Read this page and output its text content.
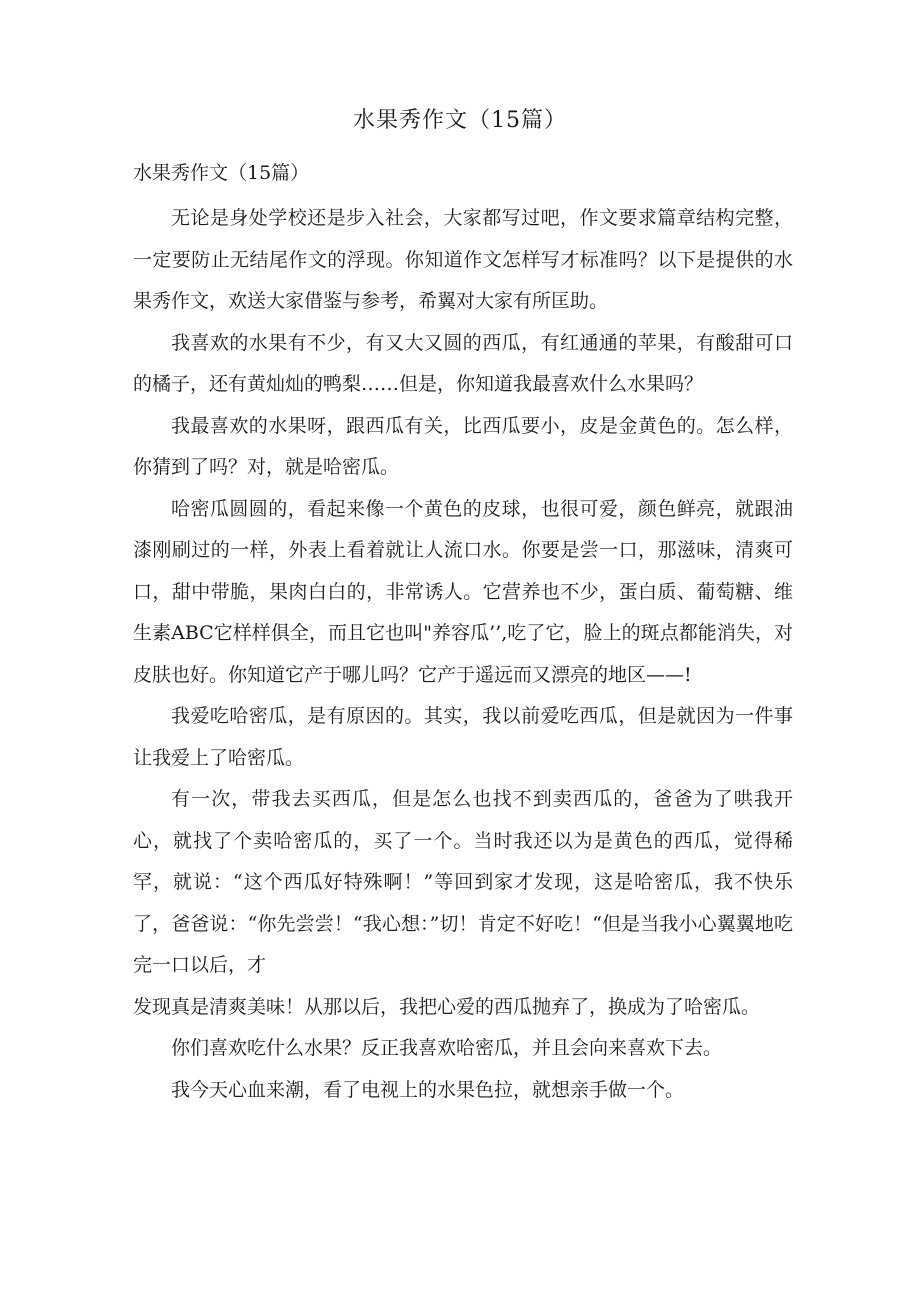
水果秀作文（15篇）
水果秀作文（15篇）

无论是身处学校还是步入社会，大家都写过吧，作文要求篇章结构完整，一定要防止无结尾作文的浮现。你知道作文怎样写才标准吗？以下是提供的水果秀作文，欢送大家借鉴与参考，希翼对大家有所匡助。

我喜欢的水果有不少，有又大又圆的西瓜，有红通通的苹果，有酸甜可口的橘子，还有黄灿灿的鸭梨……但是，你知道我最喜欢什么水果吗？

我最喜欢的水果呀，跟西瓜有关，比西瓜要小，皮是金黄色的。怎么样，你猜到了吗？对，就是哈密瓜。

哈密瓜圆圆的，看起来像一个黄色的皮球，也很可爱，颜色鲜亮，就跟油漆刚刷过的一样，外表上看着就让人流口水。你要是尝一口，那滋味，清爽可口，甜中带脆，果肉白白的，非常诱人。它营养也不少，蛋白质、葡萄糖、维生素ABC它样样俱全，而且它也叫"养容瓜’’,吃了它，脸上的斑点都能消失，对皮肤也好。你知道它产于哪儿吗？它产于遥远而又漂亮的地区——!

我爱吃哈密瓜，是有原因的。其实，我以前爱吃西瓜，但是就因为一件事让我爱上了哈密瓜。

有一次，带我去买西瓜，但是怎么也找不到卖西瓜的，爸爸为了哄我开心，就找了个卖哈密瓜的，买了一个。当时我还以为是黄色的西瓜，觉得稀罕，就说：“这个西瓜好特殊啊！”等回到家才发现，这是哈密瓜，我不快乐了，爸爸说：“你先尝尝！“我心想：”切！肯定不好吃！“但是当我小心翼翼地吃完一口以后，才

发现真是清爽美味！从那以后，我把心爱的西瓜抛弃了，换成为了哈密瓜。

你们喜欢吃什么水果？反正我喜欢哈密瓜，并且会向来喜欢下去。

我今天心血来潮，看了电视上的水果色拉，就想亲手做一个。
